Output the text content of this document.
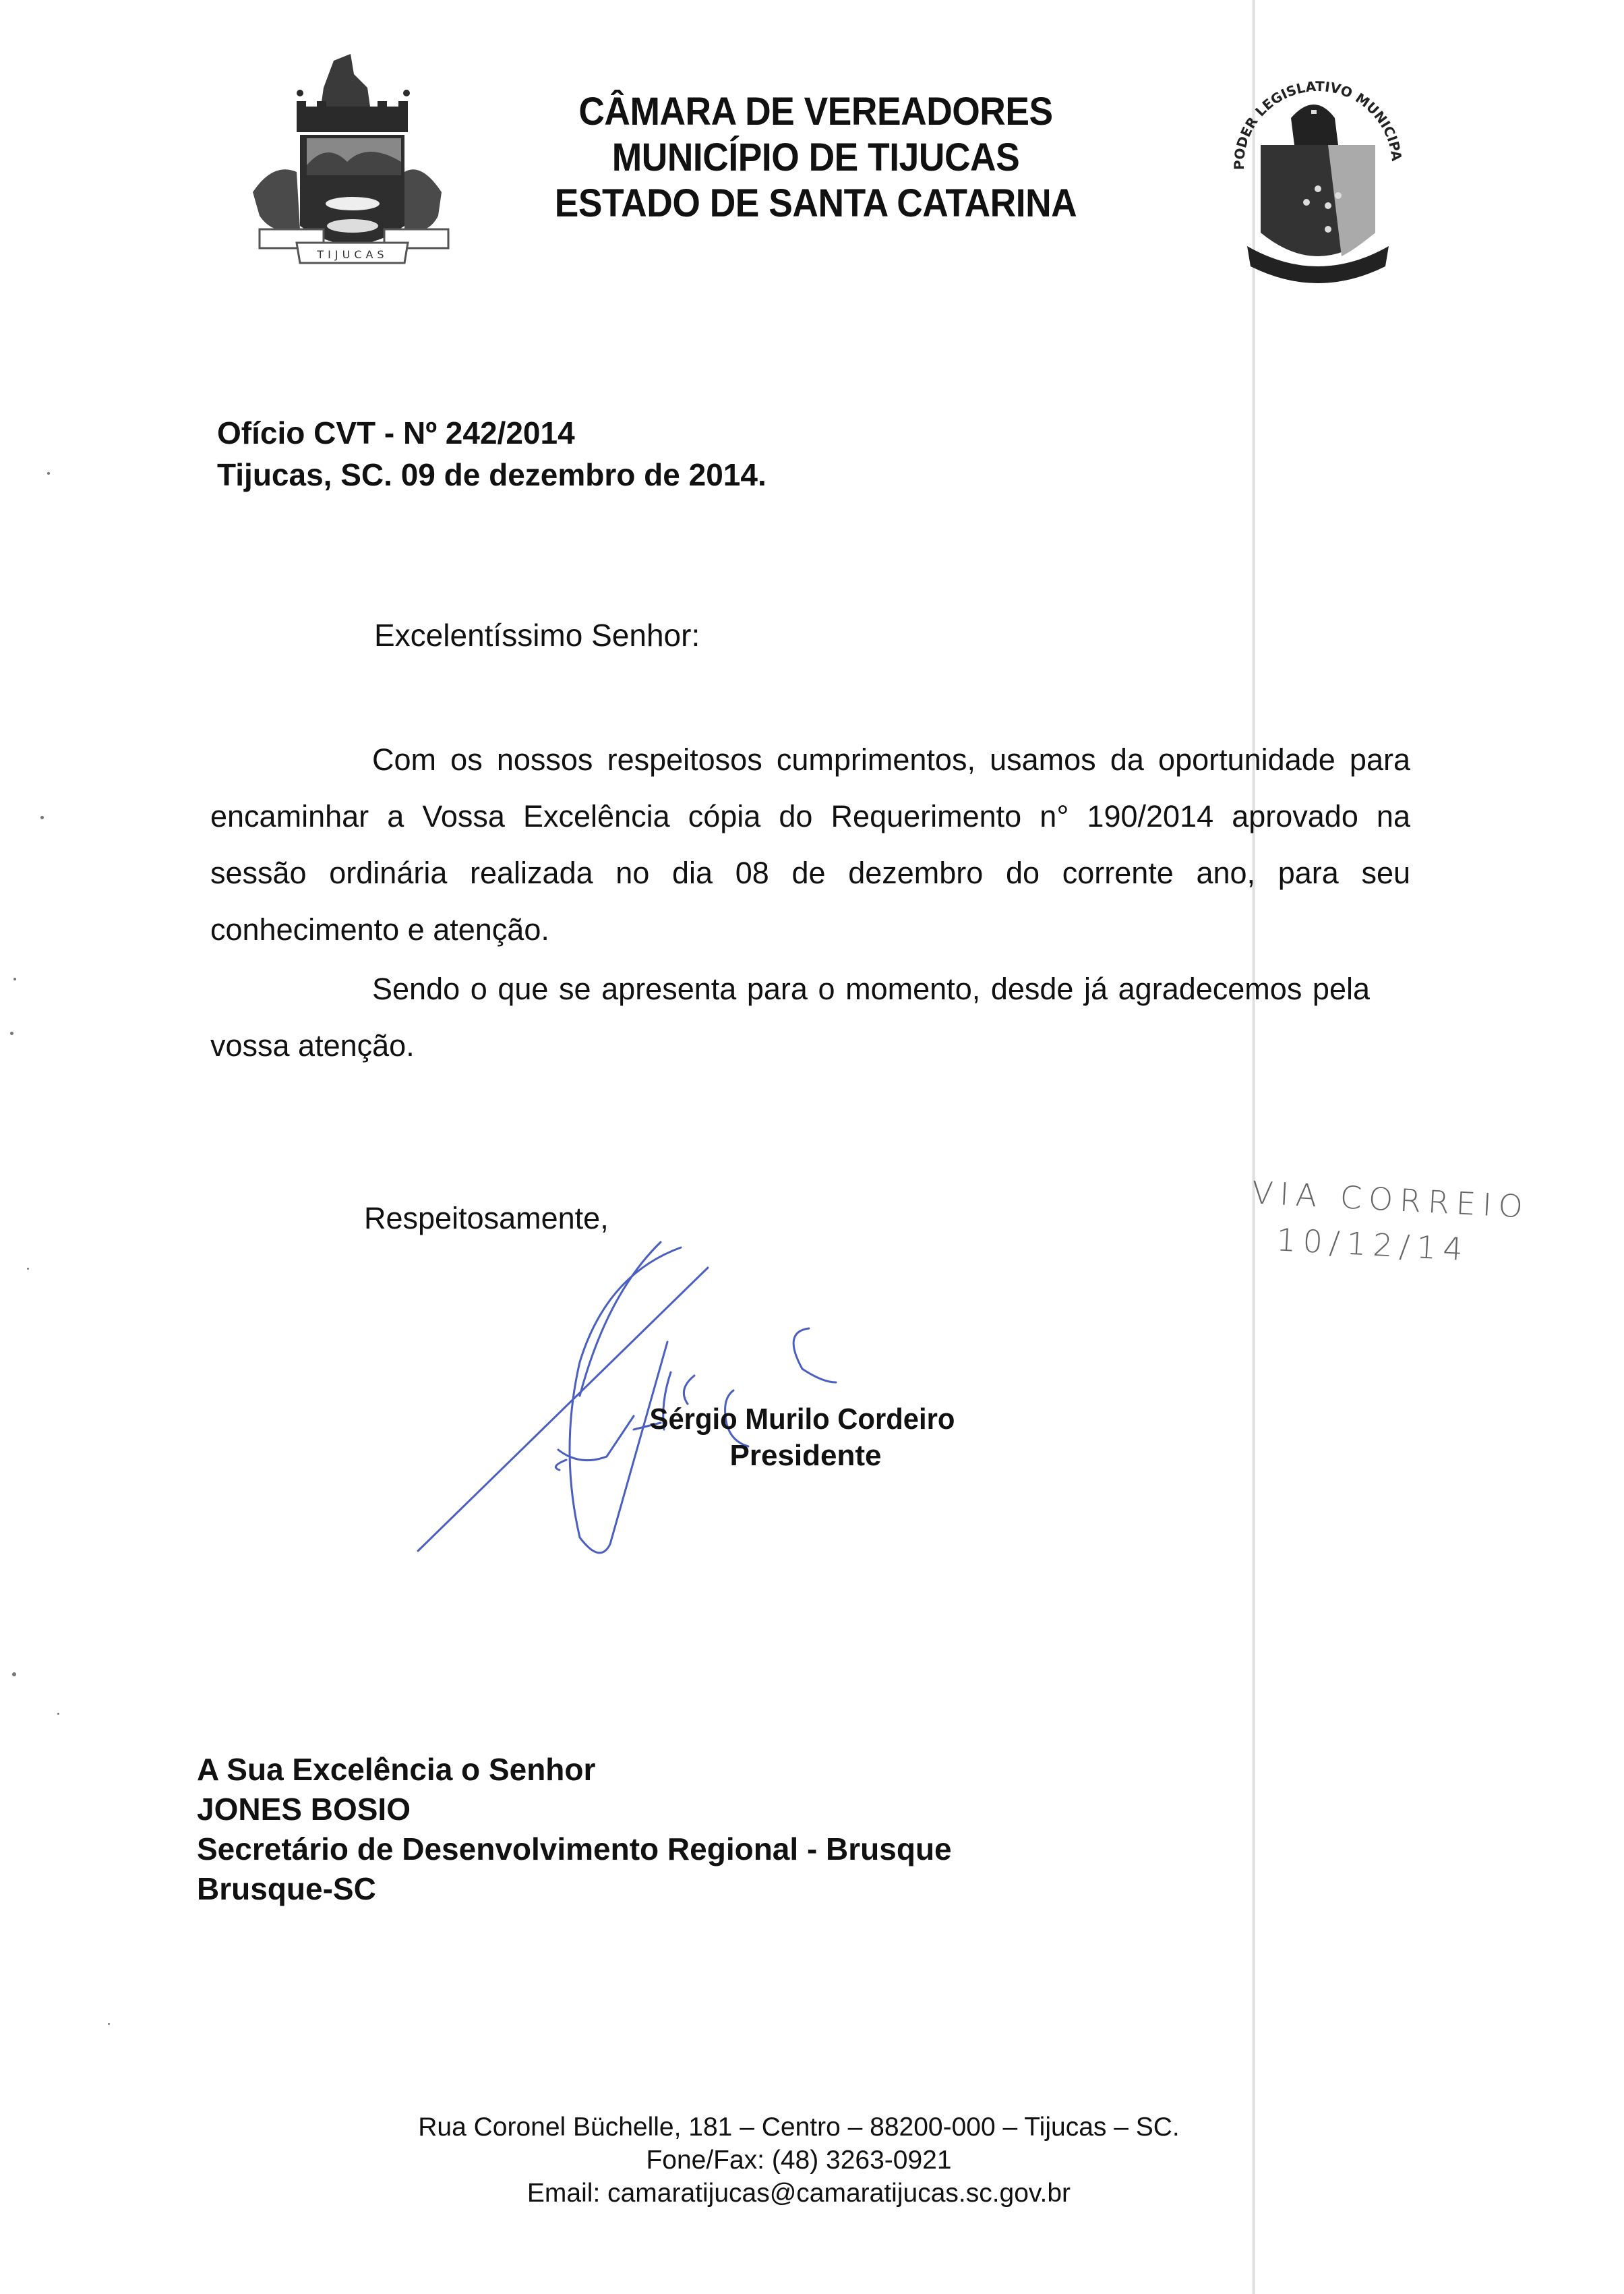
TIJUCAS
CÂMARA DE VEREADORES
MUNICÍPIO DE TIJUCAS
ESTADO DE SANTA CATARINA
PODER LEGISLATIVO MUNICIPA
Ofício CVT - Nº 242/2014
Tijucas, SC. 09 de dezembro de 2014.
Excelentíssimo Senhor:
Com os nossos respeitosos cumprimentos, usamos da oportunidade para encaminhar a Vossa Excelência cópia do Requerimento n° 190/2014 aprovado na sessão ordinária realizada no dia 08 de dezembro do corrente ano, para seu conhecimento e atenção.
Sendo o que se apresenta para o momento, desde já agradecemos pela vossa atenção.
Respeitosamente,	VIA CORREIO
10/12/14
Sérgio Murilo Cordeiro
Presidente
A Sua Excelência o Senhor
JONES BOSIO
Secretário de Desenvolvimento Regional - Brusque
Brusque-SC
Rua Coronel Büchelle, 181 – Centro – 88200-000 – Tijucas – SC.
Fone/Fax: (48) 3263-0921
Email: camaratijucas@camaratijucas.sc.gov.br
